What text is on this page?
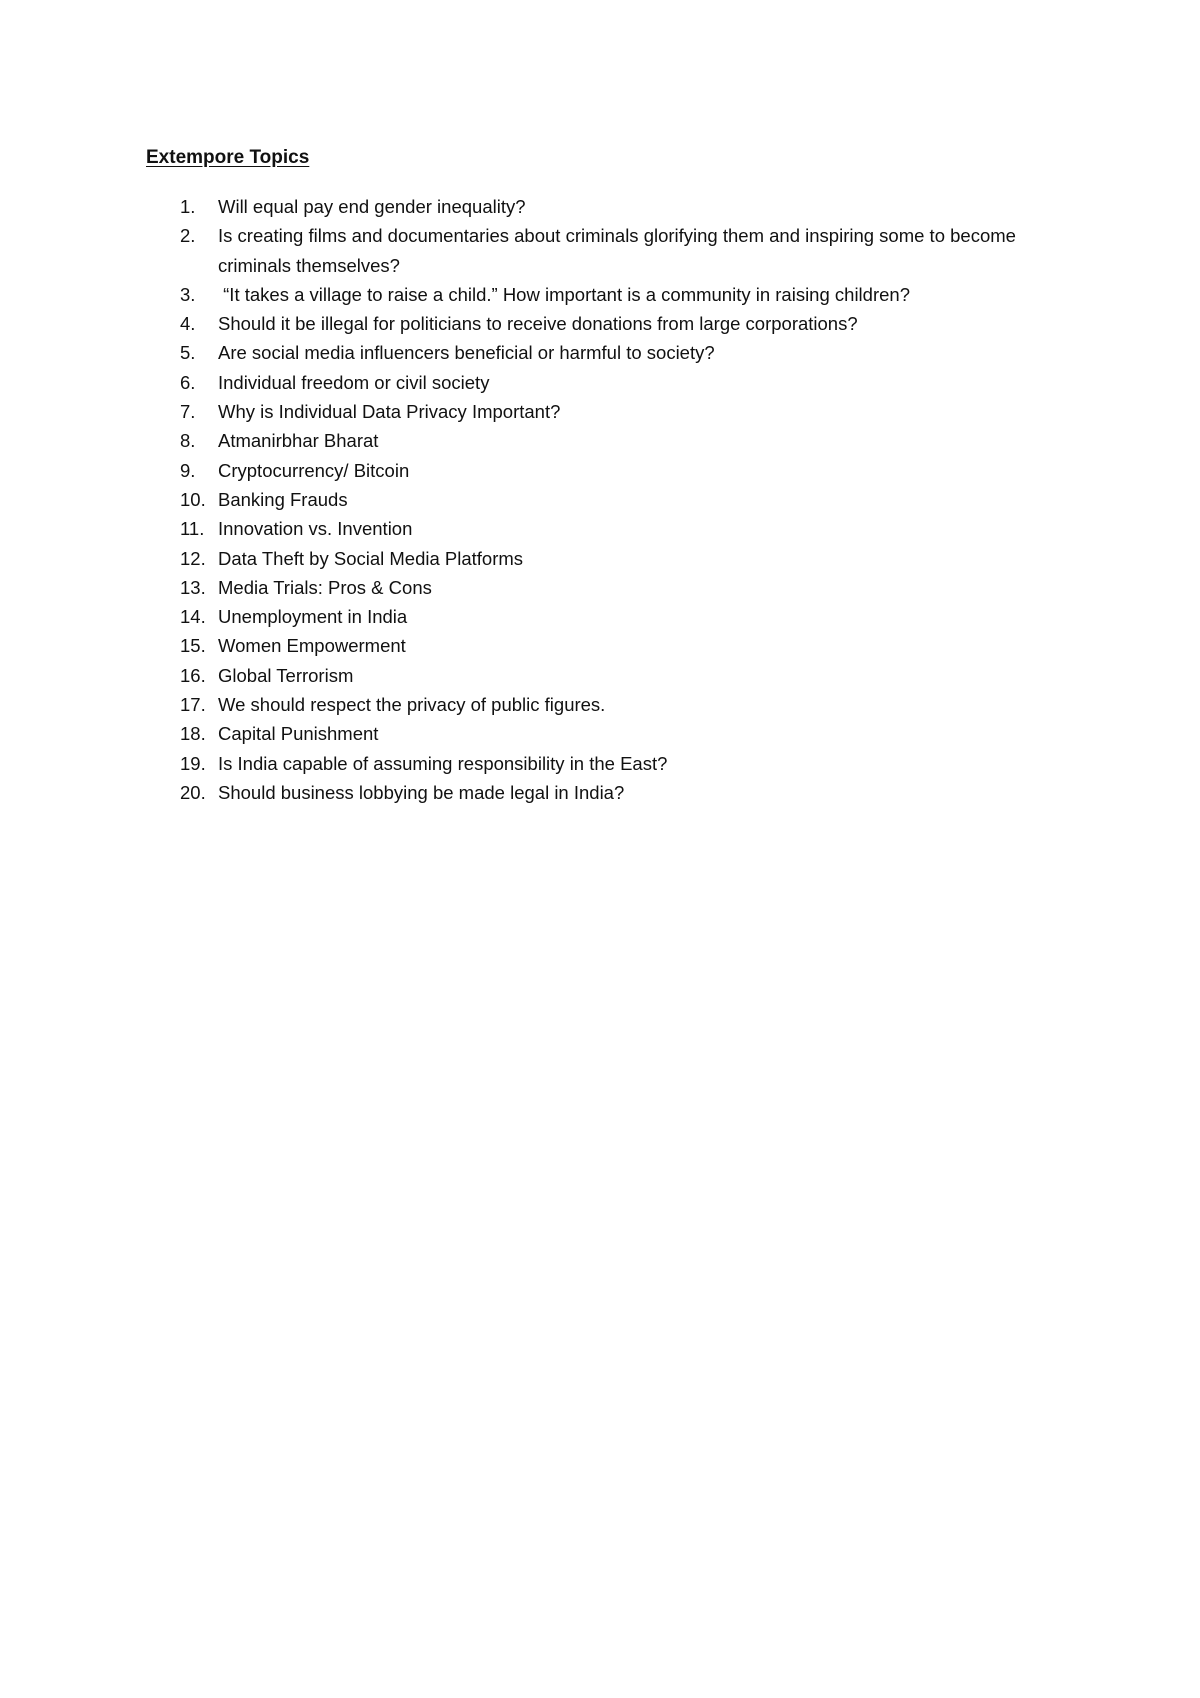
Extempore Topics
1.	Will equal pay end gender inequality?
2.	Is creating films and documentaries about criminals glorifying them and inspiring some to become criminals themselves?
3.	“It takes a village to raise a child.” How important is a community in raising children?
4.	Should it be illegal for politicians to receive donations from large corporations?
5.	Are social media influencers beneficial or harmful to society?
6.	Individual freedom or civil society
7.	Why is Individual Data Privacy Important?
8.	Atmanirbhar Bharat
9.	Cryptocurrency/ Bitcoin
10. Banking Frauds
11. Innovation vs. Invention
12. Data Theft by Social Media Platforms
13. Media Trials: Pros & Cons
14. Unemployment in India
15. Women Empowerment
16. Global Terrorism
17. We should respect the privacy of public figures.
18. Capital Punishment
19. Is India capable of assuming responsibility in the East?
20. Should business lobbying be made legal in India?
